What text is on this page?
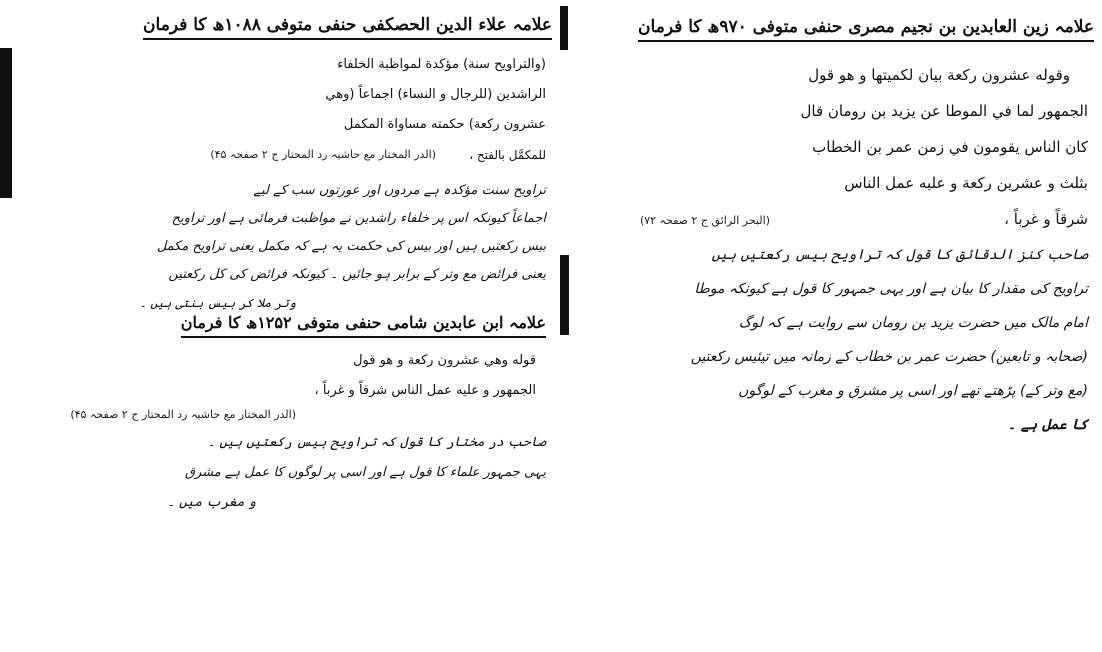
علامہ زین العابدین بن نجیم مصری حنفی متوفی ۹۷۰ھ کا فرمان
وقوله عشرون ركعة بيان لكميتها و هو قول
الجمهور لما في الموطا عن يزيد بن رومان قال
كان الناس يقومون في زمن عمر بن الخطاب
بثلث و عشرين ركعة و عليه عمل الناس
شرقاً و غرباً ،
(البحر الرائق ج ۲ صفحہ ۷۲)
صاحب کنز الدقائق کا قول کہ تراویح بیس رکعتیں ہیں
تراویح کی مقدار کا بیان ہے اور یہی جمہور کا قول ہے کیونکہ موطا
امام مالک میں حضرت یزید بن رومان سے روایت ہے کہ لوگ
(صحابہ و تابعین) حضرت عمر بن خطاب کے زمانہ میں تیئیس رکعتیں
(مع وتر کے) پڑھتے تھے اور اسی پر مشرق و مغرب کے لوگوں
کا عمل ہے ۔
علامہ علاء الدین الحصکفی حنفی متوفی ۱۰۸۸ھ کا فرمان
(والتراويح سنة) مؤكدة لمواظبة الخلفاء
الراشدين (للرجال و النساء) اجماعاً (وهي
عشرون ركعة) حكمته مساواة المكمل
للمكمَّل بالفتح ،
(الدر المختار مع حاشیہ رد المحتار ج ۲ صفحہ ۴۵)
تراویح سنت مؤکدہ ہے مردوں اور عورتوں سب کے لیے
اجماعاً کیونکہ اس پر خلفاء راشدین نے مواظبت فرمائی ہے اور تراویح
بیس رکعتیں ہیں اور بیس کی حکمت یہ ہے کہ مکمل یعنی تراویح مکمل
یعنی فرائض مع وتر کے برابر ہو جائیں ۔ کیونکہ فرائض کی کل رکعتیں
وتر ملا کر بیس بنتی ہیں ۔
علامہ ابن عابدین شامی حنفی متوفی ۱۲۵۲ھ کا فرمان
قوله وهي عشرون ركعة و هو قول
الجمهور و عليه عمل الناس شرقاً و غرباً ،
(الدر المختار مع حاشیہ رد المحتار ج ۲ صفحہ ۴۵)
صاحب در مختار کا قول کہ تراویح بیس رکعتیں ہیں ۔
یہی جمہور علماء کا قول ہے اور اسی پر لوگوں کا عمل ہے مشرق
و مغرب میں ۔
